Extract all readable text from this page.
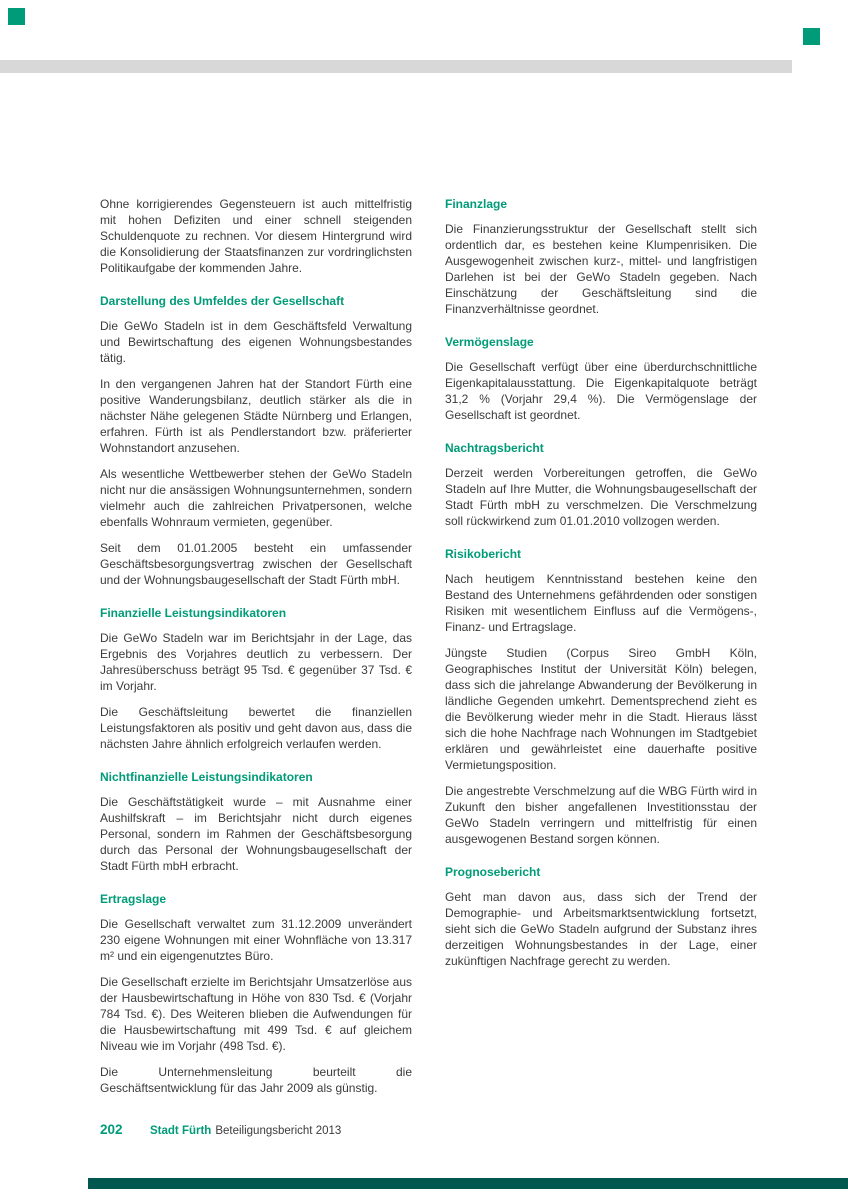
Ohne korrigierendes Gegensteuern ist auch mittelfristig mit hohen Defiziten und einer schnell steigenden Schuldenquote zu rechnen. Vor diesem Hintergrund wird die Konsolidierung der Staatsfinanzen zur vordringlichsten Politikaufgabe der kommenden Jahre.

Darstellung des Umfeldes der Gesellschaft

Die GeWo Stadeln ist in dem Geschäftsfeld Verwaltung und Bewirtschaftung des eigenen Wohnungsbestandes tätig.

In den vergangenen Jahren hat der Standort Fürth eine positive Wanderungsbilanz, deutlich stärker als die in nächster Nähe gelegenen Städte Nürnberg und Erlangen, erfahren. Fürth ist als Pendlerstandort bzw. präferierter Wohnstandort anzusehen.

Als wesentliche Wettbewerber stehen der GeWo Stadeln nicht nur die ansässigen Wohnungsunternehmen, sondern vielmehr auch die zahlreichen Privatpersonen, welche ebenfalls Wohnraum vermieten, gegenüber.

Seit dem 01.01.2005 besteht ein umfassender Geschäftsbesorgungsvertrag zwischen der Gesellschaft und der Wohnungsbaugesellschaft der Stadt Fürth mbH.

Finanzielle Leistungsindikatoren

Die GeWo Stadeln war im Berichtsjahr in der Lage, das Ergebnis des Vorjahres deutlich zu verbessern. Der Jahresüberschuss beträgt 95 Tsd. € gegenüber 37 Tsd. € im Vorjahr.

Die Geschäftsleitung bewertet die finanziellen Leistungsfaktoren als positiv und geht davon aus, dass die nächsten Jahre ähnlich erfolgreich verlaufen werden.

Nichtfinanzielle Leistungsindikatoren

Die Geschäftstätigkeit wurde – mit Ausnahme einer Aushilfskraft – im Berichtsjahr nicht durch eigenes Personal, sondern im Rahmen der Geschäftsbesorgung durch das Personal der Wohnungsbaugesellschaft der Stadt Fürth mbH erbracht.

Ertragslage

Die Gesellschaft verwaltet zum 31.12.2009 unverändert 230 eigene Wohnungen mit einer Wohnfläche von 13.317 m² und ein eigengenutztes Büro.

Die Gesellschaft erzielte im Berichtsjahr Umsatzerlöse aus der Hausbewirtschaftung in Höhe von 830 Tsd. € (Vorjahr 784 Tsd. €). Des Weiteren blieben die Aufwendungen für die Hausbewirtschaftung mit 499 Tsd. € auf gleichem Niveau wie im Vorjahr (498 Tsd. €).

Die Unternehmensleitung beurteilt die Geschäftsentwicklung für das Jahr 2009 als günstig.

Finanzlage

Die Finanzierungsstruktur der Gesellschaft stellt sich ordentlich dar, es bestehen keine Klumpenrisiken. Die Ausgewogenheit zwischen kurz-, mittel- und langfristigen Darlehen ist bei der GeWo Stadeln gegeben. Nach Einschätzung der Geschäftsleitung sind die Finanzverhältnisse geordnet.

Vermögenslage

Die Gesellschaft verfügt über eine überdurchschnittliche Eigenkapitalausstattung. Die Eigenkapitalquote beträgt 31,2 % (Vorjahr 29,4 %). Die Vermögenslage der Gesellschaft ist geordnet.

Nachtragsbericht

Derzeit werden Vorbereitungen getroffen, die GeWo Stadeln auf Ihre Mutter, die Wohnungsbaugesellschaft der Stadt Fürth mbH zu verschmelzen. Die Verschmelzung soll rückwirkend zum 01.01.2010 vollzogen werden.

Risikobericht

Nach heutigem Kenntnisstand bestehen keine den Bestand des Unternehmens gefährdenden oder sonstigen Risiken mit wesentlichem Einfluss auf die Vermögens-, Finanz- und Ertragslage.

Jüngste Studien (Corpus Sireo GmbH Köln, Geographisches Institut der Universität Köln) belegen, dass sich die jahrelange Abwanderung der Bevölkerung in ländliche Gegenden umkehrt. Dementsprechend zieht es die Bevölkerung wieder mehr in die Stadt. Hieraus lässt sich die hohe Nachfrage nach Wohnungen im Stadtgebiet erklären und gewährleistet eine dauerhafte positive Vermietungsposition.

Die angestrebte Verschmelzung auf die WBG Fürth wird in Zukunft den bisher angefallenen Investitionsstau der GeWo Stadeln verringern und mittelfristig für einen ausgewogenen Bestand sorgen können.

Prognosebericht

Geht man davon aus, dass sich der Trend der Demographie- und Arbeitsmarktsentwicklung fortsetzt, sieht sich die GeWo Stadeln aufgrund der Substanz ihres derzeitigen Wohnungsbestandes in der Lage, einer zukünftigen Nachfrage gerecht zu werden.

202	Stadt Fürth Beteiligungsbericht 2013
